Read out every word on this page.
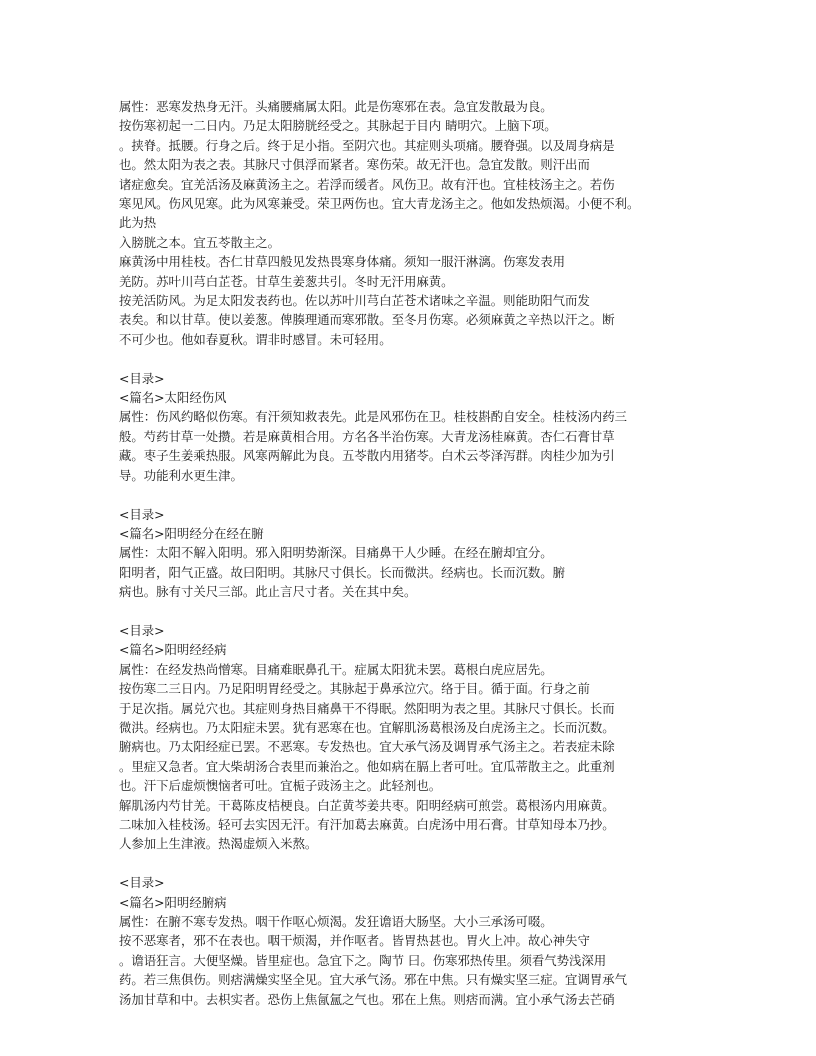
属性：恶寒发热身无汗。头痛腰痛属太阳。此是伤寒邪在表。急宜发散最为良。
按伤寒初起一二日内。乃足太阳膀胱经受之。其脉起于目内 睛明穴。上脑下项。
。挟脊。抵腰。行身之后。终于足小指。至阴穴也。其症则头项痛。腰脊强。以及周身病是
也。然太阳为表之表。其脉尺寸俱浮而紧者。寒伤荣。故无汗也。急宜发散。则汗出而
诸症愈矣。宜羌活汤及麻黄汤主之。若浮而缓者。风伤卫。故有汗也。宜桂枝汤主之。若伤
寒见风。伤风见寒。此为风寒兼受。荣卫两伤也。宜大青龙汤主之。他如发热烦渴。小便不利。
此为热
入膀胱之本。宜五苓散主之。
麻黄汤中用桂枝。杏仁甘草四般见发热畏寒身体痛。须知一服汗淋漓。伤寒发表用
羌防。苏叶川芎白芷苍。甘草生姜葱共引。冬时无汗用麻黄。
按羌活防风。为足太阳发表药也。佐以苏叶川芎白芷苍术诸味之辛温。则能助阳气而发
表矣。和以甘草。使以姜葱。俾腠理通而寒邪散。至冬月伤寒。必须麻黄之辛热以汗之。断
不可少也。他如春夏秋。谓非时感冒。未可轻用。
<目录>
<篇名>太阳经伤风
属性：伤风约略似伤寒。有汗须知救表先。此是风邪伤在卫。桂枝斟酌自安全。桂枝汤内药三
般。芍药甘草一处攒。若是麻黄相合用。方名各半治伤寒。大青龙汤桂麻黄。杏仁石膏甘草
藏。枣子生姜乘热服。风寒两解此为良。五苓散内用猪苓。白术云苓泽泻群。肉桂少加为引
导。功能利水更生津。
<目录>
<篇名>阳明经分在经在腑
属性：太阳不解入阳明。邪入阳明势渐深。目痛鼻干人少睡。在经在腑却宜分。
阳明者，阳气正盛。故曰阳明。其脉尺寸俱长。长而微洪。经病也。长而沉数。腑
病也。脉有寸关尺三部。此止言尺寸者。关在其中矣。
<目录>
<篇名>阳明经经病
属性：在经发热尚憎寒。目痛难眠鼻孔干。症属太阳犹未罢。葛根白虎应居先。
按伤寒二三日内。乃足阳明胃经受之。其脉起于鼻承泣穴。络于目。循于面。行身之前
于足次指。属兑穴也。其症则身热目痛鼻干不得眠。然阳明为表之里。其脉尺寸俱长。长而
微洪。经病也。乃太阳症未罢。犹有恶寒在也。宜解肌汤葛根汤及白虎汤主之。长而沉数。
腑病也。乃太阳经症已罢。不恶寒。专发热也。宜大承气汤及调胃承气汤主之。若表症未除
。里症又急者。宜大柴胡汤合表里而兼治之。他如病在膈上者可吐。宜瓜蒂散主之。此重剂
也。汗下后虚烦懊恼者可吐。宜栀子豉汤主之。此轻剂也。
解肌汤内芍甘羌。干葛陈皮桔梗良。白芷黄芩姜共枣。阳明经病可煎尝。葛根汤内用麻黄。
二味加入桂枝汤。轻可去实因无汗。有汗加葛去麻黄。白虎汤中用石膏。甘草知母本乃抄。
人参加上生津液。热渴虚烦入米熬。
<目录>
<篇名>阳明经腑病
属性：在腑不寒专发热。咽干作呕心烦渴。发狂谵语大肠坚。大小三承汤可啜。
按不恶寒者，邪不在表也。咽干烦渴，并作呕者。皆胃热甚也。胃火上冲。故心神失守
。谵语狂言。大便坚燥。皆里症也。急宜下之。陶节 曰。伤寒邪热传里。须看气势浅深用
药。若三焦俱伤。则痞满燥实坚全见。宜大承气汤。邪在中焦。只有燥实坚三症。宜调胃承气
汤加甘草和中。去枳实者。恐伤上焦氤氲之气也。邪在上焦。则痞而满。宜小承气汤去芒硝
